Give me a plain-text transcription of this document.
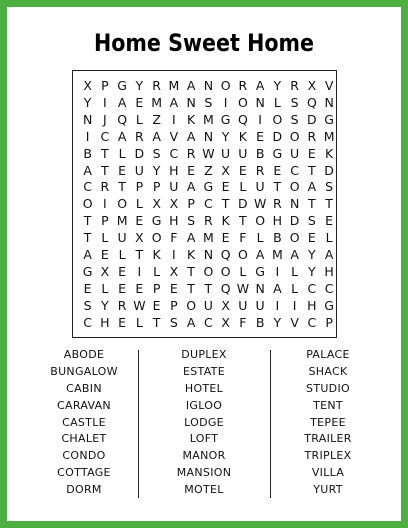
Home Sweet Home
X P G Y R M A N O R A Y R X V
Y I A E M A N S I O N L S Q N
N J Q L Z I K M G Q I O S D G
I C A R A V A N Y K E D O R M
B T L D S C R W U U B G U E K
A T E U Y H E Z X E R E C T D
C R T P P U A G E L U T O A S
O I O L X X P C T D W R N T T
T P M E G H S R K T O H D S E
T L U X O F A M E F L B O E L
A E L T K I K N Q O A M A Y A
G X E I L X T O O L G I L Y H
E L E E P E T T Q W N A L C C
S Y R W E P O U X U U I	I H G
C H E L T S A C X F B Y V C P
ABODE
BUNGALOW
CABIN
CARAVAN
CASTLE
CHALET
CONDO
COTTAGE
DORM
DUPLEX
ESTATE
HOTEL
IGLOO
LODGE
LOFT
MANOR
MANSION
MOTEL
PALACE
SHACK
STUDIO
TENT
TEPEE
TRAILER
TRIPLEX
VILLA
YURT
